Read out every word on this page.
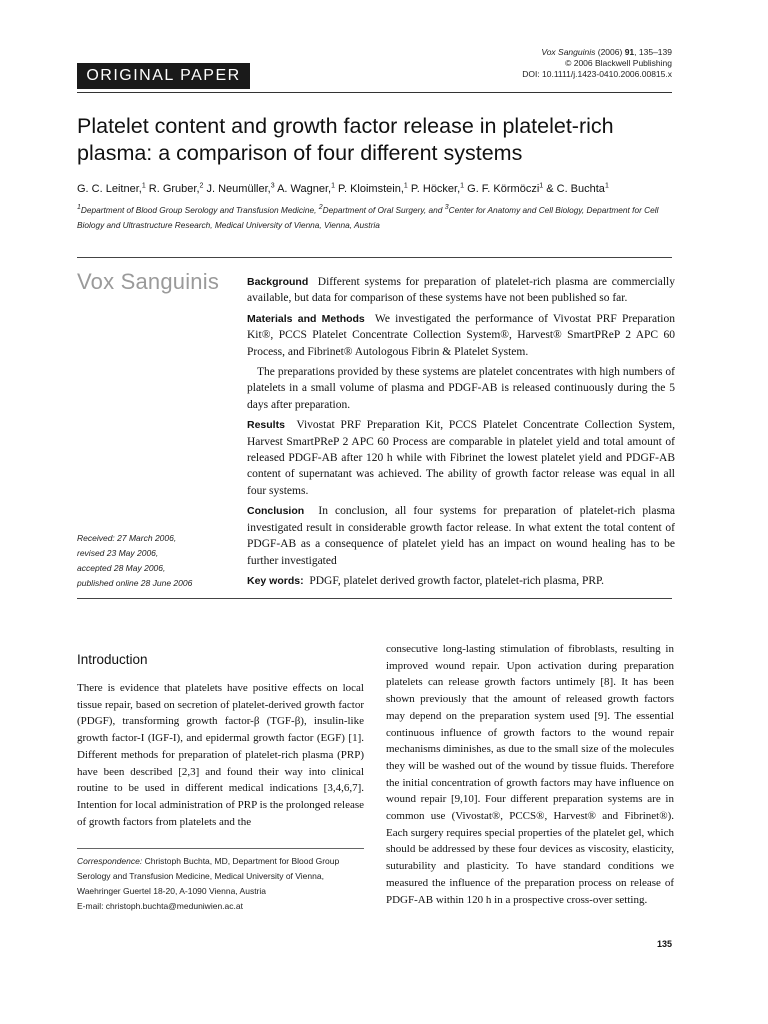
ORIGINAL PAPER
Vox Sanguinis (2006) 91, 135–139
© 2006 Blackwell Publishing
DOI: 10.1111/j.1423-0410.2006.00815.x
Platelet content and growth factor release in platelet-rich plasma: a comparison of four different systems
G. C. Leitner,$^1$ R. Gruber,$^2$ J. Neumüller,$^3$ A. Wagner,$^1$ P. Kloimstein,$^1$ P. Höcker,$^1$ G. F. Körmöczi$^1$ & C. Buchta$^1$
$^1$Department of Blood Group Serology and Transfusion Medicine, $^2$Department of Oral Surgery, and $^3$Center for Anatomy and Cell Biology, Department for Cell Biology and Ultrastructure Research, Medical University of Vienna, Vienna, Austria
Vox Sanguinis	Background Different systems for preparation of platelet-rich plasma are commercially available, but data for comparison of these systems have not been published so far.

Materials and Methods We investigated the performance of Vivostat PRF Preparation Kit®, PCCS Platelet Concentrate Collection System®, Harvest® SmartPReP 2 APC 60 Process, and Fibrinet® Autologous Fibrin & Platelet System.

The preparations provided by these systems are platelet concentrates with high numbers of platelets in a small volume of plasma and PDGF-AB is released continuously during the 5 days after preparation.

Results Vivostat PRF Preparation Kit, PCCS Platelet Concentrate Collection System, Harvest SmartPReP 2 APC 60 Process are comparable in platelet yield and total amount of released PDGF-AB after 120 h while with Fibrinet the lowest platelet yield and PDGF-AB content of supernatant was achieved. The ability of growth factor release was equal in all four systems.

Conclusion In conclusion, all four systems for preparation of platelet-rich plasma investigated result in considerable growth factor release. In what extent the total content of PDGF-AB as a consequence of platelet yield has an impact on wound healing has to be further investigated

Key words: PDGF, platelet derived growth factor, platelet-rich plasma, PRP.

Received: 27 March 2006,
revised 23 May 2006,
accepted 28 May 2006,
published online 28 June 2006
Introduction
There is evidence that platelets have positive effects on local tissue repair, based on secretion of platelet-derived growth factor (PDGF), transforming growth factor-β (TGF-β), insulin-like growth factor-I (IGF-I), and epidermal growth factor (EGF) [1]. Different methods for preparation of platelet-rich plasma (PRP) have been described [2,3] and found their way into clinical routine to be used in different medical indications [3,4,6,7]. Intention for local administration of PRP is the prolonged release of growth factors from platelets and the
consecutive long-lasting stimulation of fibroblasts, resulting in improved wound repair. Upon activation during preparation platelets can release growth factors untimely [8]. It has been shown previously that the amount of released growth factors may depend on the preparation system used [9]. The essential continuous influence of growth factors to the wound repair mechanisms diminishes, as due to the small size of the molecules they will be washed out of the wound by tissue fluids. Therefore the initial concentration of growth factors may have influence on wound repair [9,10]. Four different preparation systems are in common use (Vivostat®, PCCS®, Harvest® and Fibrinet®). Each surgery requires special properties of the platelet gel, which should be addressed by these four devices as viscosity, elasticity, suturability and plasticity. To have standard conditions we measured the influence of the preparation process on release of PDGF-AB within 120 h in a prospective cross-over setting.
Correspondence: Christoph Buchta, MD, Department for Blood Group Serology and Transfusion Medicine, Medical University of Vienna, Waehringer Guertel 18-20, A-1090 Vienna, Austria
E-mail: christoph.buchta@meduniwien.ac.at
135
